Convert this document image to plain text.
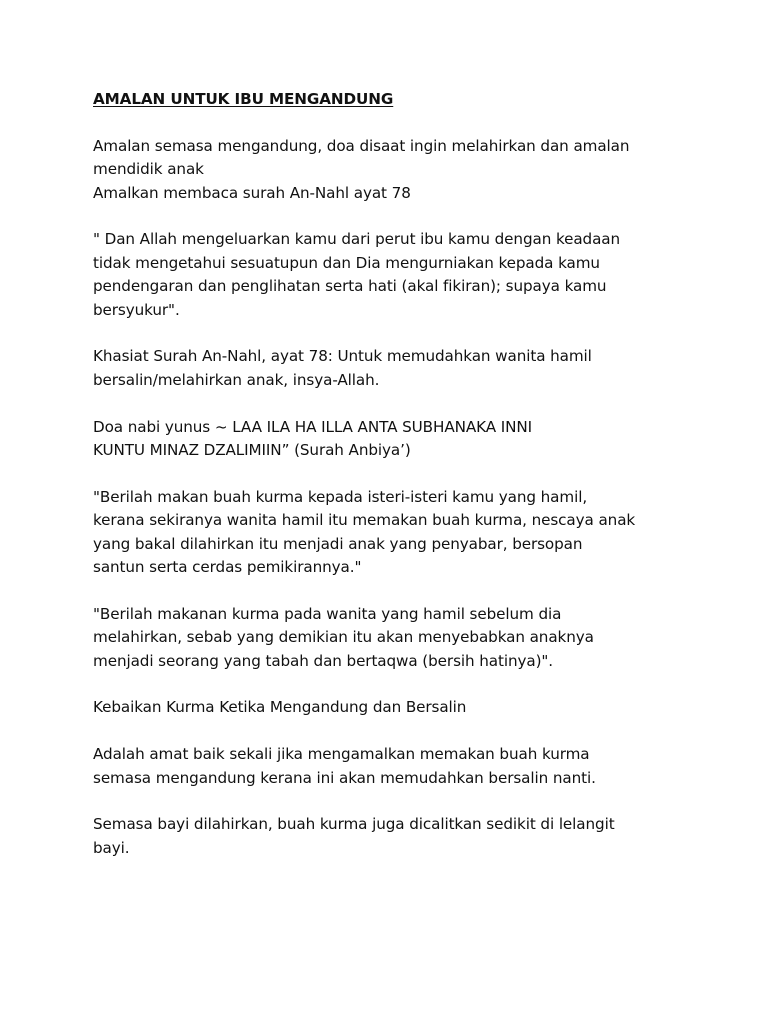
AMALAN UNTUK IBU MENGANDUNG
Amalan semasa mengandung, doa disaat ingin melahirkan dan amalan
mendidik anak
Amalkan membaca surah An-Nahl ayat 78
" Dan Allah mengeluarkan kamu dari perut ibu kamu dengan keadaan
tidak mengetahui sesuatupun dan Dia mengurniakan kepada kamu
pendengaran dan penglihatan serta hati (akal fikiran); supaya kamu
bersyukur".
Khasiat Surah An-Nahl, ayat 78: Untuk memudahkan wanita hamil
bersalin/melahirkan anak, insya-Allah.
Doa nabi yunus ~ LAA ILA HA ILLA ANTA SUBHANAKA INNI
KUNTU MINAZ DZALIMIIN” (Surah Anbiya’)
"Berilah makan buah kurma kepada isteri-isteri kamu yang hamil,
kerana sekiranya wanita hamil itu memakan buah kurma, nescaya anak
yang bakal dilahirkan itu menjadi anak yang penyabar, bersopan
santun serta cerdas pemikirannya."
"Berilah makanan kurma pada wanita yang hamil sebelum dia
melahirkan, sebab yang demikian itu akan menyebabkan anaknya
menjadi seorang yang tabah dan bertaqwa (bersih hatinya)".
Kebaikan Kurma Ketika Mengandung dan Bersalin
Adalah amat baik sekali jika mengamalkan memakan buah kurma
semasa mengandung kerana ini akan memudahkan bersalin nanti.
Semasa bayi dilahirkan, buah kurma juga dicalitkan sedikit di lelangit
bayi.
